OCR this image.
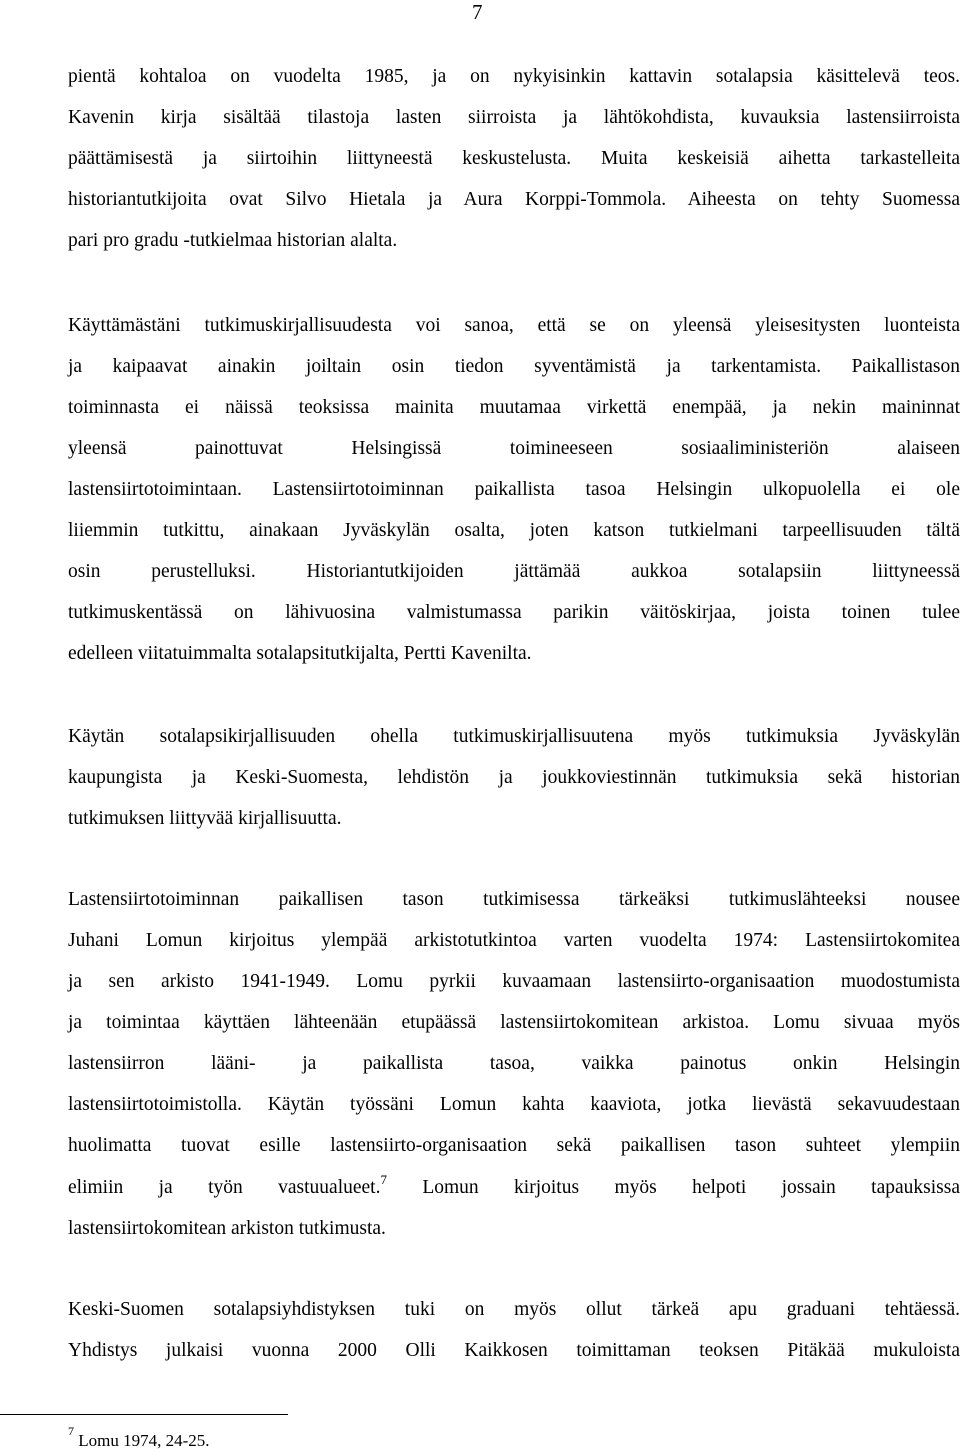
7
pientä kohtaloa on vuodelta 1985, ja on nykyisinkin kattavin sotalapsia käsittelevä teos.
Kavenin kirja sisältää tilastoja lasten siirroista ja lähtökohdista, kuvauksia lastensiirroista
päättämisestä ja siirtoihin liittyneestä keskustelusta. Muita keskeisiä aihetta tarkastelleita
historiantutkijoita ovat Silvo Hietala ja Aura Korppi-Tommola. Aiheesta on tehty Suomessa
pari pro gradu -tutkielmaa historian alalta.
Käyttämästäni tutkimuskirjallisuudesta voi sanoa, että se on yleensä yleisesitysten luonteista
ja kaipaavat ainakin joiltain osin tiedon syventämistä ja tarkentamista. Paikallistason
toiminnasta ei näissä teoksissa mainita muutamaa virkettä enempää, ja nekin maininnat
yleensä painottuvat Helsingissä toimineeseen sosiaaliministeriön alaiseen
lastensiirtotoimintaan. Lastensiirtotoiminnan paikallista tasoa Helsingin ulkopuolella ei ole
liiemmin tutkittu, ainakaan Jyväskylän osalta, joten katson tutkielmani tarpeellisuuden tältä
osin perustelluksi. Historiantutkijoiden jättämää aukkoa sotalapsiin liittyneessä
tutkimuskentässä on lähivuosina valmistumassa parikin väitöskirjaa, joista toinen tulee
edelleen viitatuimmalta sotalapsitutkijalta, Pertti Kavenilta.
Käytän sotalapsikirjallisuuden ohella tutkimuskirjallisuutena myös tutkimuksia Jyväskylän
kaupungista ja Keski-Suomesta, lehdistön ja joukkoviestinnän tutkimuksia sekä historian
tutkimuksen liittyvää kirjallisuutta.
Lastensiirtotoiminnan paikallisen tason tutkimisessa tärkeäksi tutkimuslähteeksi nousee
Juhani Lomun kirjoitus ylempää arkistotutkintoa varten vuodelta 1974: Lastensiirtokomitea
ja sen arkisto 1941-1949. Lomu pyrkii kuvaamaan lastensiirto-organisaation muodostumista
ja toimintaa käyttäen lähteenään etupäässä lastensiirtokomitean arkistoa. Lomu sivuaa myös
lastensiirron lääni- ja paikallista tasoa, vaikka painotus onkin Helsingin
lastensiirtotoimistolla. Käytän työssäni Lomun kahta kaaviota, jotka lievästä sekavuudestaan
huolimatta tuovat esille lastensiirto-organisaation sekä paikallisen tason suhteet ylempiin
elimiin ja työn vastuualueet.$^7$ Lomun kirjoitus myös helpoti jossain tapauksissa
lastensiirtokomitean arkiston tutkimusta.
Keski-Suomen sotalapsiyhdistyksen tuki on myös ollut tärkeä apu graduani tehtäessä.
Yhdistys julkaisi vuonna 2000 Olli Kaikkosen toimittaman teoksen Pitäkää mukuloista
$^7$ Lomu 1974, 24-25.
